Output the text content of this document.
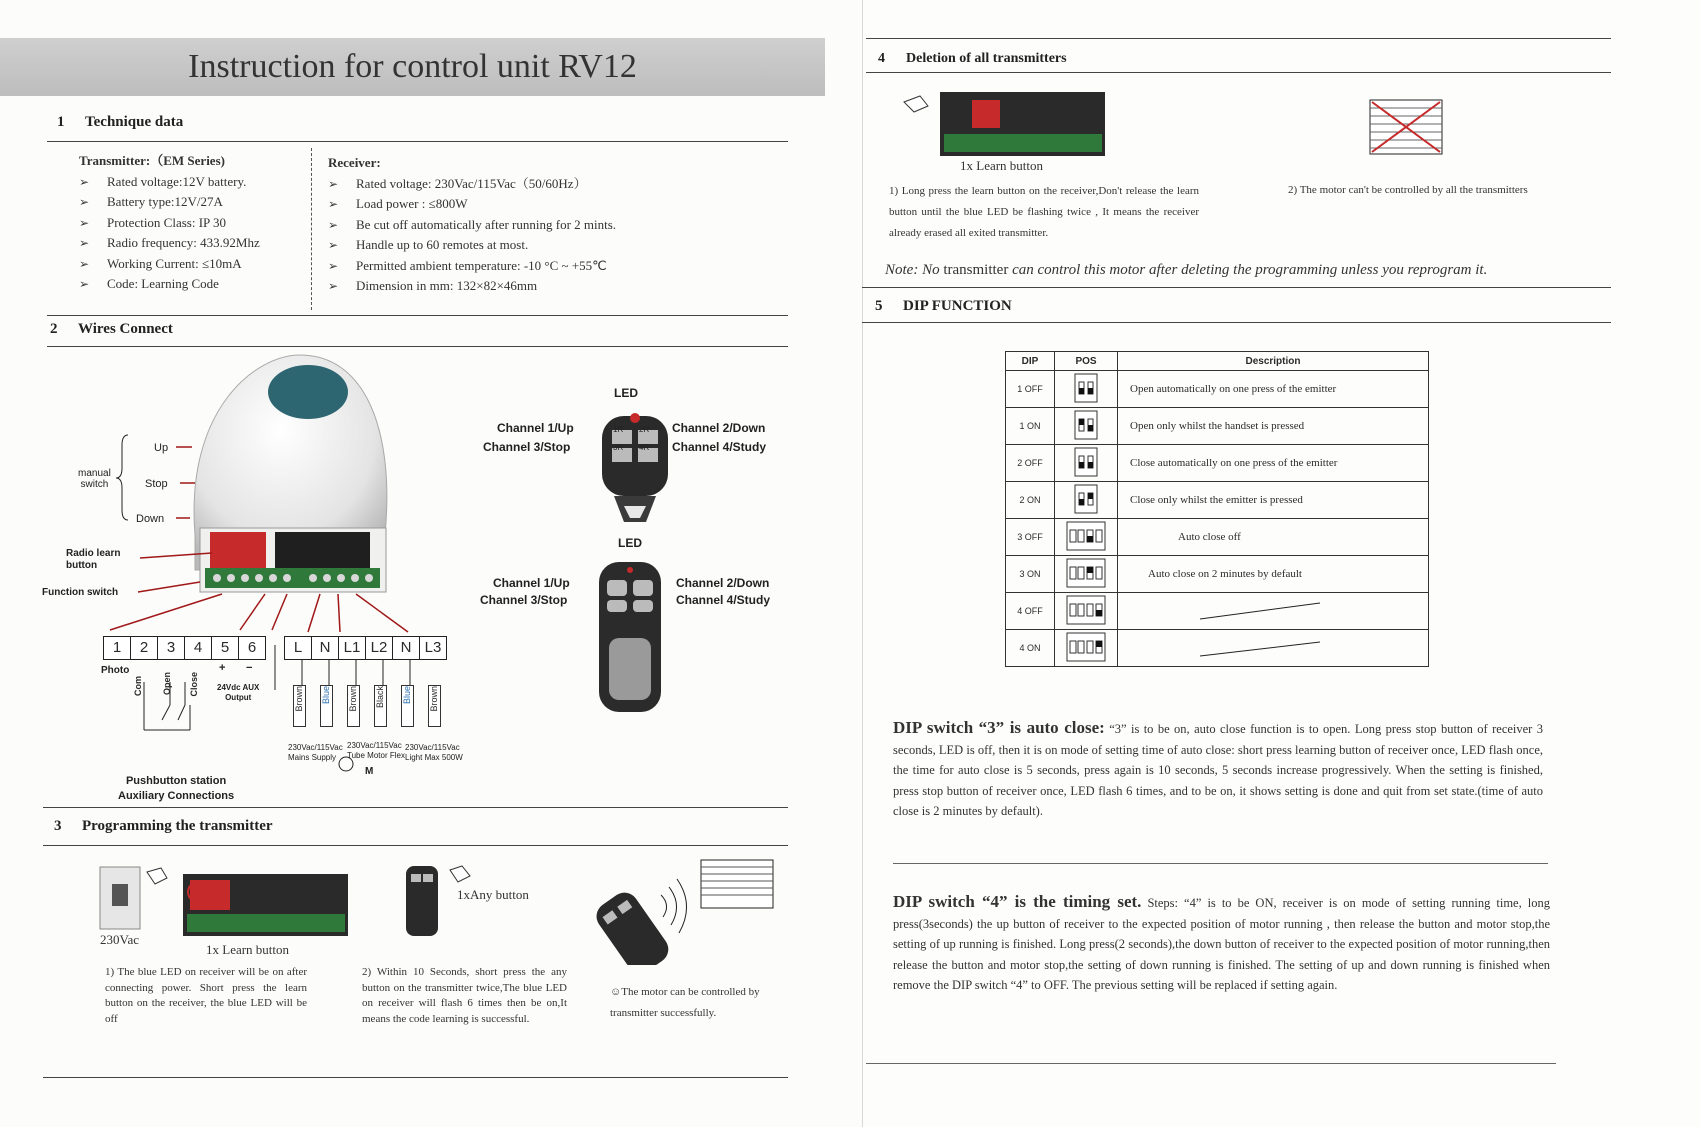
Instruction for control unit RV12
1 Technique data
Transmitter:（EM Series)
➢ Rated voltage:12V battery.
➢ Battery type:12V/27A
➢ Protection Class: IP 30
➢ Radio frequency: 433.92Mhz
➢ Working Current: ≤10mA
➢ Code: Learning Code
Receiver:
➢ Rated voltage: 230Vac/115Vac（50/60Hz）
➢ Load power : ≤800W
➢ Be cut off automatically after running for 2 mints.
➢ Handle up to 60 remotes at most.
➢ Permitted ambient temperature: -10 °C ~ +55℃
➢ Dimension in mm: 132×82×46mm
2 Wires Connect
Up
Stop
Down
manual
switch
Radio learn
button
Function switch
1	2	3	4	5	6	L	N L1 L2 N L3
Photo
Com Open Close
+ −
24Vdc AUX
Output	Brown Blue Brown Black Blue Brown
230Vac/115Vac
Mains Supply
230Vac/115Vac
Tube Motor Flex
M
230Vac/115Vac
Light Max 500W
Pushbutton station
Auxiliary Connections
LED
1R 2R
3R 4R
Channel 1/Up
Channel 3/Stop
Channel 2/Down
Channel 4/Study
LED
Channel 1/Up
Channel 3/Stop
Channel 2/Down
Channel 4/Study
3 Programming the transmitter
230Vac
1x Learn button
1) The blue LED on receiver will be on after connecting power. Short press the learn button on the receiver, the blue LED will be off
1xAny button
2) Within 10 Seconds, short press the any button on the transmitter twice,The blue LED on receiver will flash 6 times then be on,It means the code learning is successful.
☺The motor can be controlled by transmitter successfully.
4 Deletion of all transmitters
1x Learn button
1) Long press the learn button on the receiver,Don't release the learn button until the blue LED be flashing twice , It means the receiver already erased all exited transmitter.
2) The motor can't be controlled by all the transmitters
Note: No transmitter can control this motor after deleting the programming unless you reprogram it.
5 DIP FUNCTION
DIP	POS	Description
1 OFF		Open automatically on one press of the emitter
1 ON		Open only whilst the handset is pressed
2 OFF		Close automatically on one press of the emitter
2 ON		Close only whilst the emitter is pressed
3 OFF		Auto close off
3 ON		Auto close on 2 minutes by default
4 OFF		
4 ON		
DIP switch “3” is auto close: “3” is to be on, auto close function is to open. Long press stop button of receiver 3 seconds, LED is off, then it is on mode of setting time of auto close: short press learning button of receiver once, LED flash once, the time for auto close is 5 seconds, press again is 10 seconds, 5 seconds increase progressively. When the setting is finished, press stop button of receiver once, LED flash 6 times, and to be on, it shows setting is done and quit from set state.(time of auto close is 2 minutes by default).
DIP switch “4” is the timing set. Steps: “4” is to be ON, receiver is on mode of setting running time, long press(3seconds) the up button of receiver to the expected position of motor running , then release the button and motor stop,the setting of up running is finished. Long press(2 seconds),the down button of receiver to the expected position of motor running,then release the button and motor stop,the setting of down running is finished. The setting of up and down running is finished when remove the DIP switch “4” to OFF. The previous setting will be replaced if setting again.
